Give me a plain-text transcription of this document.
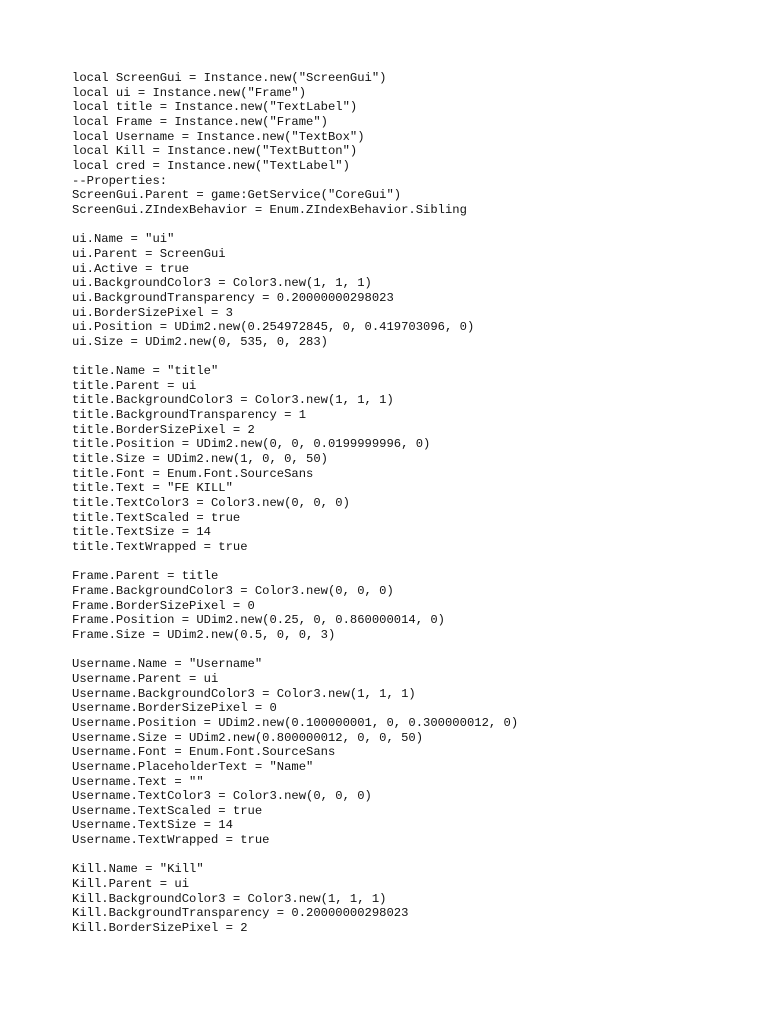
local ScreenGui = Instance.new("ScreenGui")
local ui = Instance.new("Frame")
local title = Instance.new("TextLabel")
local Frame = Instance.new("Frame")
local Username = Instance.new("TextBox")
local Kill = Instance.new("TextButton")
local cred = Instance.new("TextLabel")
--Properties:
ScreenGui.Parent = game:GetService("CoreGui")
ScreenGui.ZIndexBehavior = Enum.ZIndexBehavior.Sibling
ui.Name = "ui"
ui.Parent = ScreenGui
ui.Active = true
ui.BackgroundColor3 = Color3.new(1, 1, 1)
ui.BackgroundTransparency = 0.20000000298023
ui.BorderSizePixel = 3
ui.Position = UDim2.new(0.254972845, 0, 0.419703096, 0)
ui.Size = UDim2.new(0, 535, 0, 283)
title.Name = "title"
title.Parent = ui
title.BackgroundColor3 = Color3.new(1, 1, 1)
title.BackgroundTransparency = 1
title.BorderSizePixel = 2
title.Position = UDim2.new(0, 0, 0.0199999996, 0)
title.Size = UDim2.new(1, 0, 0, 50)
title.Font = Enum.Font.SourceSans
title.Text = "FE KILL"
title.TextColor3 = Color3.new(0, 0, 0)
title.TextScaled = true
title.TextSize = 14
title.TextWrapped = true
Frame.Parent = title
Frame.BackgroundColor3 = Color3.new(0, 0, 0)
Frame.BorderSizePixel = 0
Frame.Position = UDim2.new(0.25, 0, 0.860000014, 0)
Frame.Size = UDim2.new(0.5, 0, 0, 3)
Username.Name = "Username"
Username.Parent = ui
Username.BackgroundColor3 = Color3.new(1, 1, 1)
Username.BorderSizePixel = 0
Username.Position = UDim2.new(0.100000001, 0, 0.300000012, 0)
Username.Size = UDim2.new(0.800000012, 0, 0, 50)
Username.Font = Enum.Font.SourceSans
Username.PlaceholderText = "Name"
Username.Text = ""
Username.TextColor3 = Color3.new(0, 0, 0)
Username.TextScaled = true
Username.TextSize = 14
Username.TextWrapped = true
Kill.Name = "Kill"
Kill.Parent = ui
Kill.BackgroundColor3 = Color3.new(1, 1, 1)
Kill.BackgroundTransparency = 0.20000000298023
Kill.BorderSizePixel = 2
